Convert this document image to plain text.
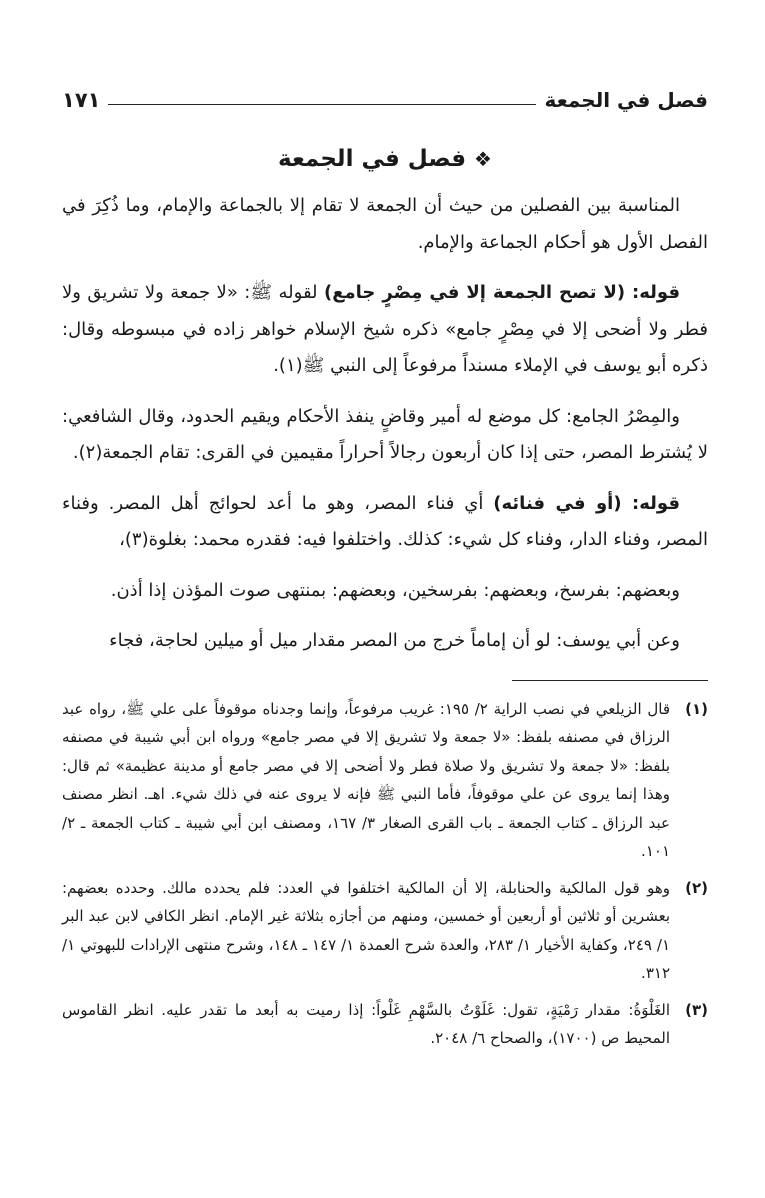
فصل في الجمعة
١٧١
❖فصل في الجمعة

المناسبة بين الفصلين من حيث أن الجمعة لا تقام إلا بالجماعة والإمام، وما ذُكِرَ في الفصل الأول هو أحكام الجماعة والإمام.

قوله: (لا تصح الجمعة إلا في مِصْرٍ جامع) لقوله ﷺ: «لا جمعة ولا تشريق ولا فطر ولا أضحى إلا في مِصْرٍ جامع» ذكره شيخ الإسلام خواهر زاده في مبسوطه وقال: ذكره أبو يوسف في الإملاء مسنداً مرفوعاً إلى النبي ﷺ(١).

والمِصْرُ الجامع: كل موضع له أمير وقاضٍ ينفذ الأحكام ويقيم الحدود، وقال الشافعي: لا يُشترط المصر، حتى إذا كان أربعون رجالاً أحراراً مقيمين في القرى: تقام الجمعة(٢).

قوله: (أو في فنائه) أي فناء المصر، وهو ما أعد لحوائج أهل المصر. وفناء المصر، وفناء الدار، وفناء كل شيء: كذلك. واختلفوا فيه: فقدره محمد: بغلوة(٣)،

وبعضهم: بفرسخ، وبعضهم: بفرسخين، وبعضهم: بمنتهى صوت المؤذن إذا أذن.

وعن أبي يوسف: لو أن إماماً خرج من المصر مقدار ميل أو ميلين لحاجة، فجاء

(١)
قال الزيلعي في نصب الراية ٢/ ١٩٥: غريب مرفوعاً، وإنما وجدناه موقوفاً على علي ﷺ، رواه عبد الرزاق في مصنفه بلفظ: «لا جمعة ولا تشريق إلا في مصر جامع» ورواه ابن أبي شيبة في مصنفه بلفظ: «لا جمعة ولا تشريق ولا صلاة فطر ولا أضحى إلا في مصر جامع أو مدينة عظيمة» ثم قال: وهذا إنما يروى عن علي موقوفاً، فأما النبي ﷺ فإنه لا يروى عنه في ذلك شيء. اهـ. انظر مصنف عبد الرزاق ـ كتاب الجمعة ـ باب القرى الصغار ٣/ ١٦٧، ومصنف ابن أبي شيبة ـ كتاب الجمعة ـ ٢/ ١٠١.
(٢)
وهو قول المالكية والحنابلة، إلا أن المالكية اختلفوا في العدد: فلم يحدده مالك. وحدده بعضهم: بعشرين أو ثلاثين أو أربعين أو خمسين، ومنهم من أجازه بثلاثة غير الإمام. انظر الكافي لابن عبد البر ١/ ٢٤٩، وكفاية الأخيار ١/ ٢٨٣، والعدة شرح العمدة ١/ ١٤٧ ـ ١٤٨، وشرح منتهى الإرادات للبهوتي ١/ ٣١٢.
(٣)
الغَلْوَةُ: مقدار رَمْيَةٍ، تقول: غَلَوْتُ بالسَّهْمِ غَلْواً: إذا رميت به أبعد ما تقدر عليه. انظر القاموس المحيط ص (١٧٠٠)، والصحاح ٦/ ٢٠٤٨.
